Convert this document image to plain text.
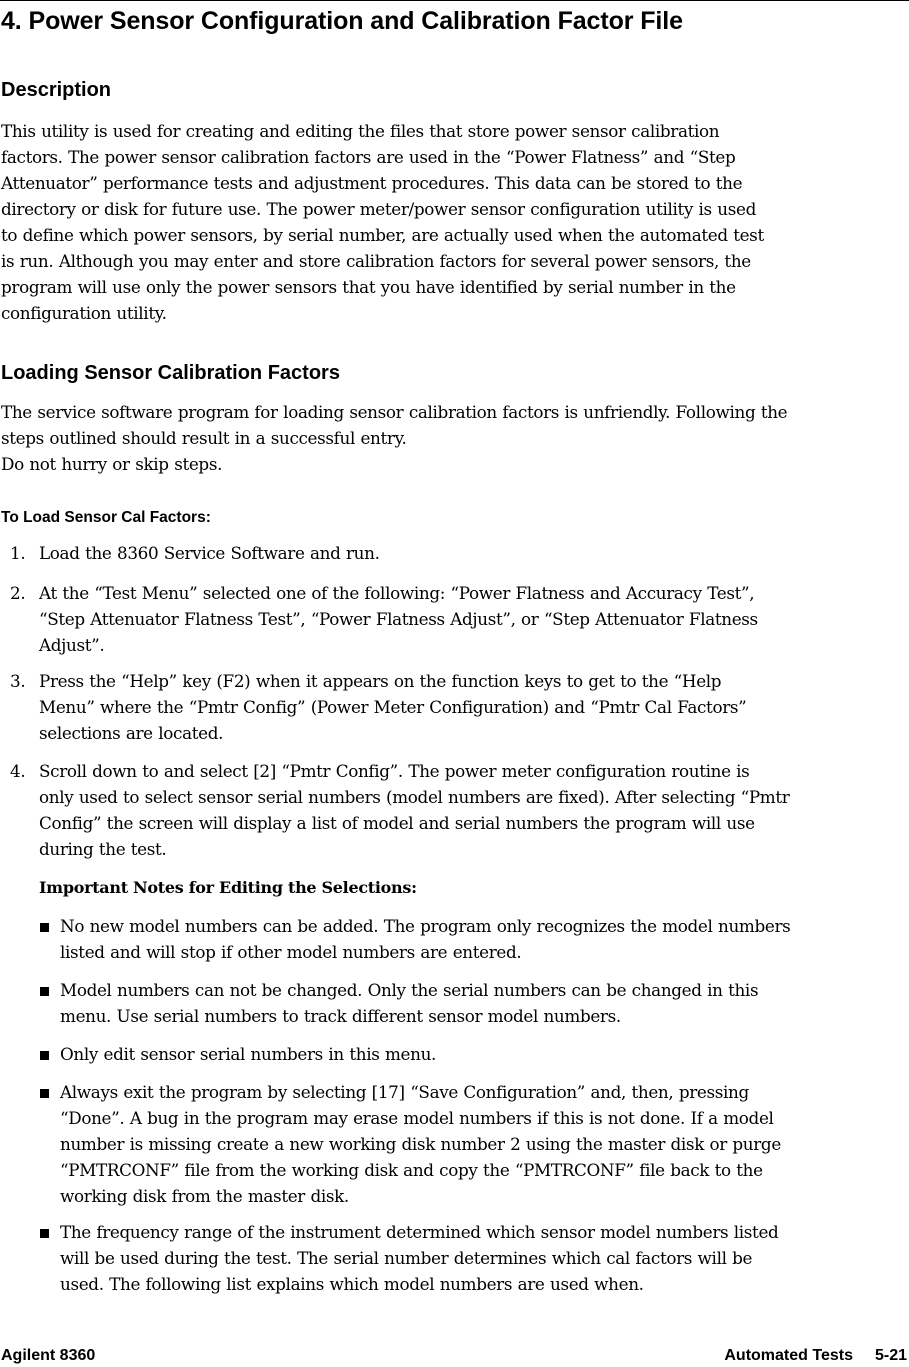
4. Power Sensor Configuration and Calibration Factor File
Description

This utility is used for creating and editing the files that store power sensor calibration
factors. The power sensor calibration factors are used in the “Power Flatness” and “Step
Attenuator” performance tests and adjustment procedures. This data can be stored to the
directory or disk for future use. The power meter/power sensor configuration utility is used
to define which power sensors, by serial number, are actually used when the automated test
is run. Although you may enter and store calibration factors for several power sensors, the
program will use only the power sensors that you have identified by serial number in the
configuration utility.

Loading Sensor Calibration Factors

The service software program for loading sensor calibration factors is unfriendly. Following the
steps outlined should result in a successful entry.
Do not hurry or skip steps.

To Load Sensor Cal Factors:
1. Load the 8360 Service Software and run.
2. At the “Test Menu” selected one of the following: “Power Flatness and Accuracy Test”,
“Step Attenuator Flatness Test”, “Power Flatness Adjust”, or “Step Attenuator Flatness
Adjust”.
3. Press the “Help” key (F2) when it appears on the function keys to get to the “Help
Menu” where the “Pmtr Config” (Power Meter Configuration) and “Pmtr Cal Factors”
selections are located.
4. Scroll down to and select [2] “Pmtr Config”. The power meter configuration routine is
only used to select sensor serial numbers (model numbers are fixed). After selecting “Pmtr
Config” the screen will display a list of model and serial numbers the program will use
during the test.

Important Notes for Editing the Selections:

No new model numbers can be added. The program only recognizes the model numbers
listed and will stop if other model numbers are entered.
Model numbers can not be changed. Only the serial numbers can be changed in this
menu. Use serial numbers to track different sensor model numbers.
Only edit sensor serial numbers in this menu.
Always exit the program by selecting [17] “Save Configuration” and, then, pressing
“Done”. A bug in the program may erase model numbers if this is not done. If a model
number is missing create a new working disk number 2 using the master disk or purge
“PMTRCONF” file from the working disk and copy the “PMTRCONF” file back to the
working disk from the master disk.
The frequency range of the instrument determined which sensor model numbers listed
will be used during the test. The serial number determines which cal factors will be
used. The following list explains which model numbers are used when.

Agilent 8360	Automated Tests 5-21
